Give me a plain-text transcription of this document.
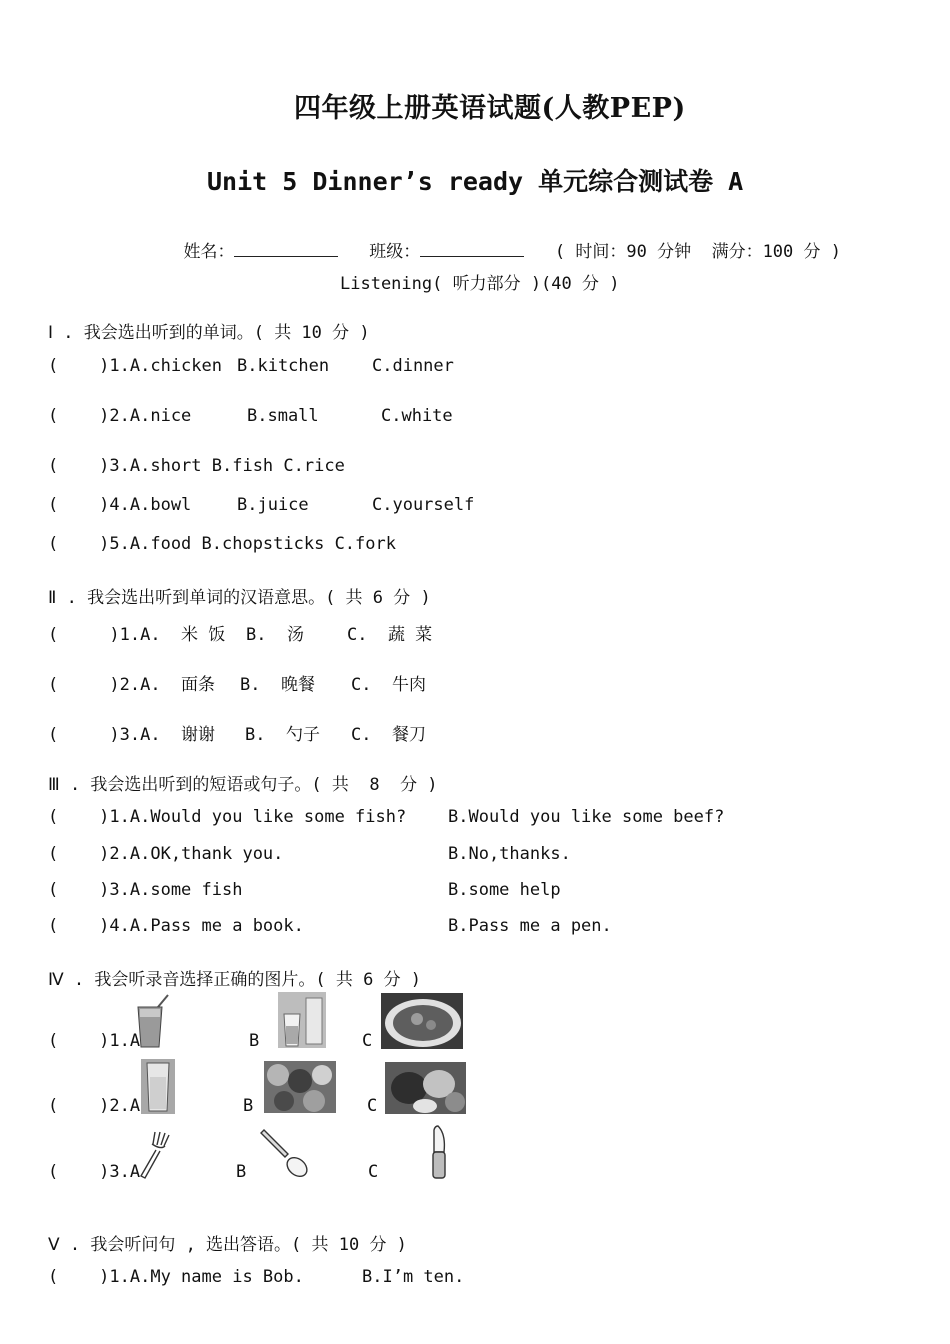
四年级上册英语试题(人教PEP)
Unit 5 Dinner’s ready 单元综合测试卷 A

姓名：	班级：	( 时间：90 分钟  满分：100 分 )

Listening( 听力部分 )(40 分 )
Ⅰ . 我会选出听到的单词。( 共 10 分 )
(    )1.A.chicken B.kitchen	C.dinner
(    )2.A.nice	B.small	C.white
(    )3.A.short B.fish C.rice
(    )4.A.bowl	B.juice	C.yourself
(    )5.A.food B.chopsticks C.fork
Ⅱ . 我会选出听到单词的汉语意思。( 共 6 分 )
(     )1.A.  米 饭 B.  汤	C.  蔬 菜
(     )2.A.  面条 B.  晚餐 C.  牛肉
(     )3.A.  谢谢 B.  勺子 C.  餐刀
Ⅲ . 我会选出听到的短语或句子。( 共  8  分 )
(    )1.A.Would you like some fish? B.Would you like some beef?
(    )2.A.OK,thank you.	B.No,thanks.
(    )3.A.some fish	B.some help
(    )4.A.Pass me a book.	B.Pass me a pen.
Ⅳ . 我会听录音选择正确的图片。( 共 6 分 )
(    )1.A	B	C
(    )2.A	B	C
(    )3.A	B	C
Ⅴ . 我会听问句 , 选出答语。( 共 10 分 )
(    )1.A.My name is Bob.	B.I’m ten.
